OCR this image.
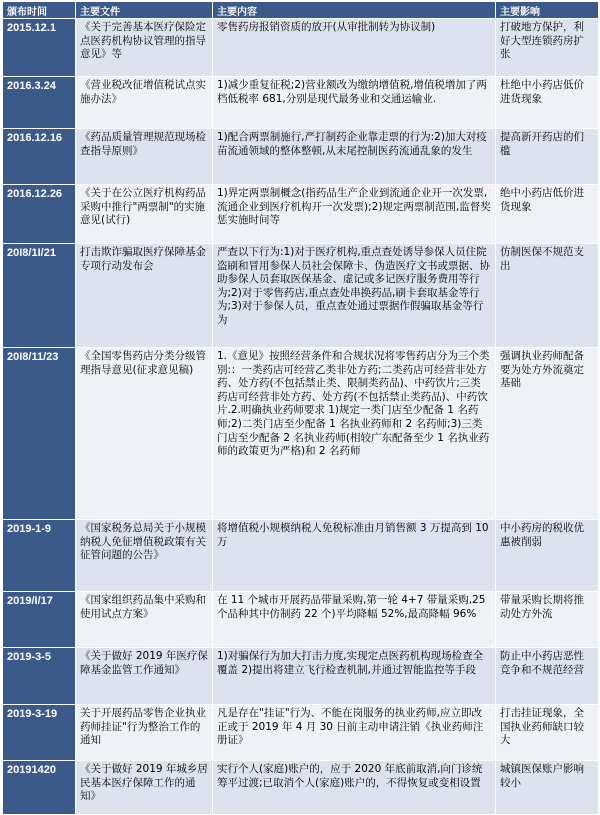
颁布时间	主要文件	主要内容	主要影响
2015.12.1	《关于完善基本医疗保险定点医药机构协议管理的指导意见》等	零售药房报销资质的放开(从审批制转为协议制)	打破地方保护，利好大型连锁药房扩张
2016.3.24	《营业税改征增值税试点实施办法》	1)减少重复征税;2)营业额改为缴纳增值税,增值税增加了两档低税率 681,分别是现代最务业和交通运输业.	杜绝中小药店低价进货现象
2016.12.16	《药品质量管理规范现场检查指导原则》	1)配合两票制施行,严打制药企业靠走票的行为:2)加大对疫苗流通领域的整体整顿,从末尾控制医药流通乱象的发生	提高新开药店的们槛
2016.12.26	《关于在公立医疗机构药品采购中推行"两票制"的实施意见(试行)	1)界定两票制概念(指药品生产企业到流通企业开一次发票,流通企业到医疗机构开一次发票);2)规定两票制范围,监督奖惩实施时间等	绝中小药店低价进货现象
20I8/1I/21	打击欺诈骗取医疗保障基金专项行动发布会	严查以下行为:1)对于医疗机构,重点查处诱导参保人员住院盗刷和冒用参保人员社会保障卡、伪造医疗文书或票据、协助参保人员套取医保基金、虚记或多记医疗服务费用等行为;2)对于零售药店,重点查处串换药品,刷卡套取基金等行为;3)对于参保人员，重点查处通过票据作假骗取基金等行为	仿制医保不规范支出
20I8/11/23	《全国零售药店分类分级管理指导意见(征求意见稿)	1.《意见》按照经营条件和合规状况将零售药店分为三个类别:：一类药店可经营乙类非处方药;二类药店可经营非处方药、处方药(不包括禁止类、限制类药品)、中药饮片;三类药店可经营非处方药、处方药(不包括禁止类药品)、中药饮片.2.明确执业药师要求 1)规定一类门店至少配备 1 名药师;2)二类门店至少配备 1 名执业药师和 2 名药师;3)三类门店至少配备 2 名执业药师(相较广东配备至少 1 名执业药师的政策更为严格)和 2 名药师	强调执业药师配备要为处方外流奠定基础
2019-1-9	《国家税务总局关于小规模纳税人免征增值税政策有关征管问题的公告》	将增值税小规模纳税人免税标准由月销售额 3 万提高到 10 万	中小药房的税收优惠被削弱
2019/I/17	《国家组织药品集中采购和使用试点方案》	在 11 个城市开展药品带量采购,第一轮 4+7 带量采购,25 个品种其中仿制药 22 个)平均降幅 52%,最高降幅 96%	带量采购长期将推动处方外流
2019-3-5	《关于做好 2019 年医疗保障基金监管工作通知》	1)对骗保行为加大打击力度,实现定点医药机构现场检查全覆盖 2)提出将建立飞行检查机制,并通过智能监控等手段	防止中小药店恶性竞争和不规范经营
2019-3-19	关于开展药品零售企业执业药师挂证"行为整治工作的通知	凡是存在"挂证"行为、不能在岗服务的执业药师,应立即改正或于 2019 年 4 月 30 日前主动申请注销《执业药师注册证》	打击挂证现象，全国执业药师缺口较大
20191420	《关于做好 2019 年城乡居民基本医疗保障工作的通知》	实行个人(家庭)账户的，应于 2020 年底前取消,向门诊统筹平过渡;已取消个人(家庭)账户的，不得恢复或变相设置	城镇医保账户影响较小
